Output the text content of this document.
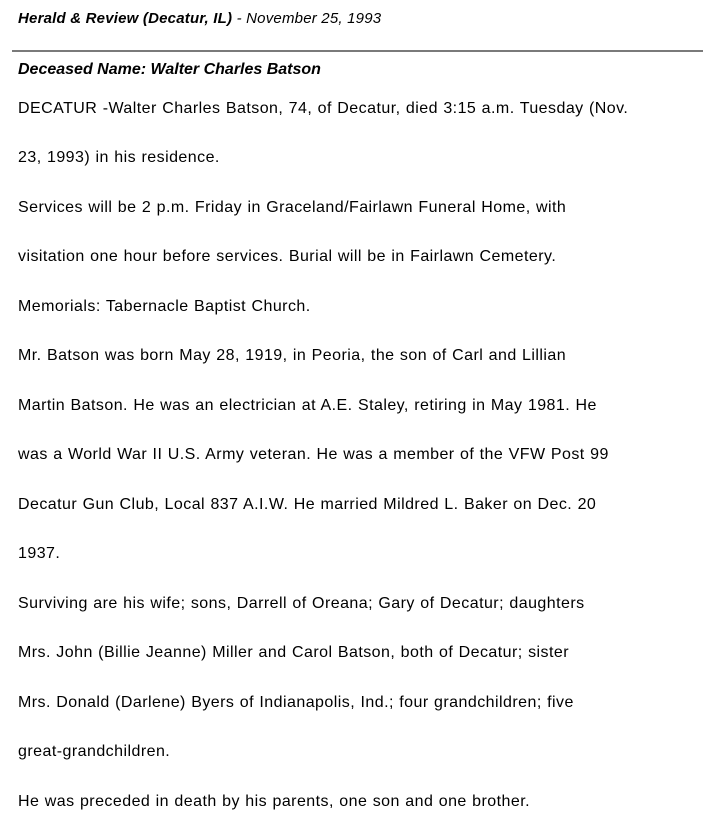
Herald & Review (Decatur, IL) - November 25, 1993
Deceased Name: Walter Charles Batson
DECATUR -Walter Charles Batson, 74, of Decatur, died 3:15 a.m. Tuesday (Nov.
23, 1993) in his residence.
Services will be 2 p.m. Friday in Graceland/Fairlawn Funeral Home, with
visitation one hour before services. Burial will be in Fairlawn Cemetery.
Memorials: Tabernacle Baptist Church.
Mr. Batson was born May 28, 1919, in Peoria, the son of Carl and Lillian
Martin Batson. He was an electrician at A.E. Staley, retiring in May 1981. He
was a World War II U.S. Army veteran. He was a member of the VFW Post 99
Decatur Gun Club, Local 837 A.I.W. He married Mildred L. Baker on Dec. 20
1937.
Surviving are his wife; sons, Darrell of Oreana; Gary of Decatur; daughters
Mrs. John (Billie Jeanne) Miller and Carol Batson, both of Decatur; sister
Mrs. Donald (Darlene) Byers of Indianapolis, Ind.; four grandchildren; five
great-grandchildren.
He was preceded in death by his parents, one son and one brother.
